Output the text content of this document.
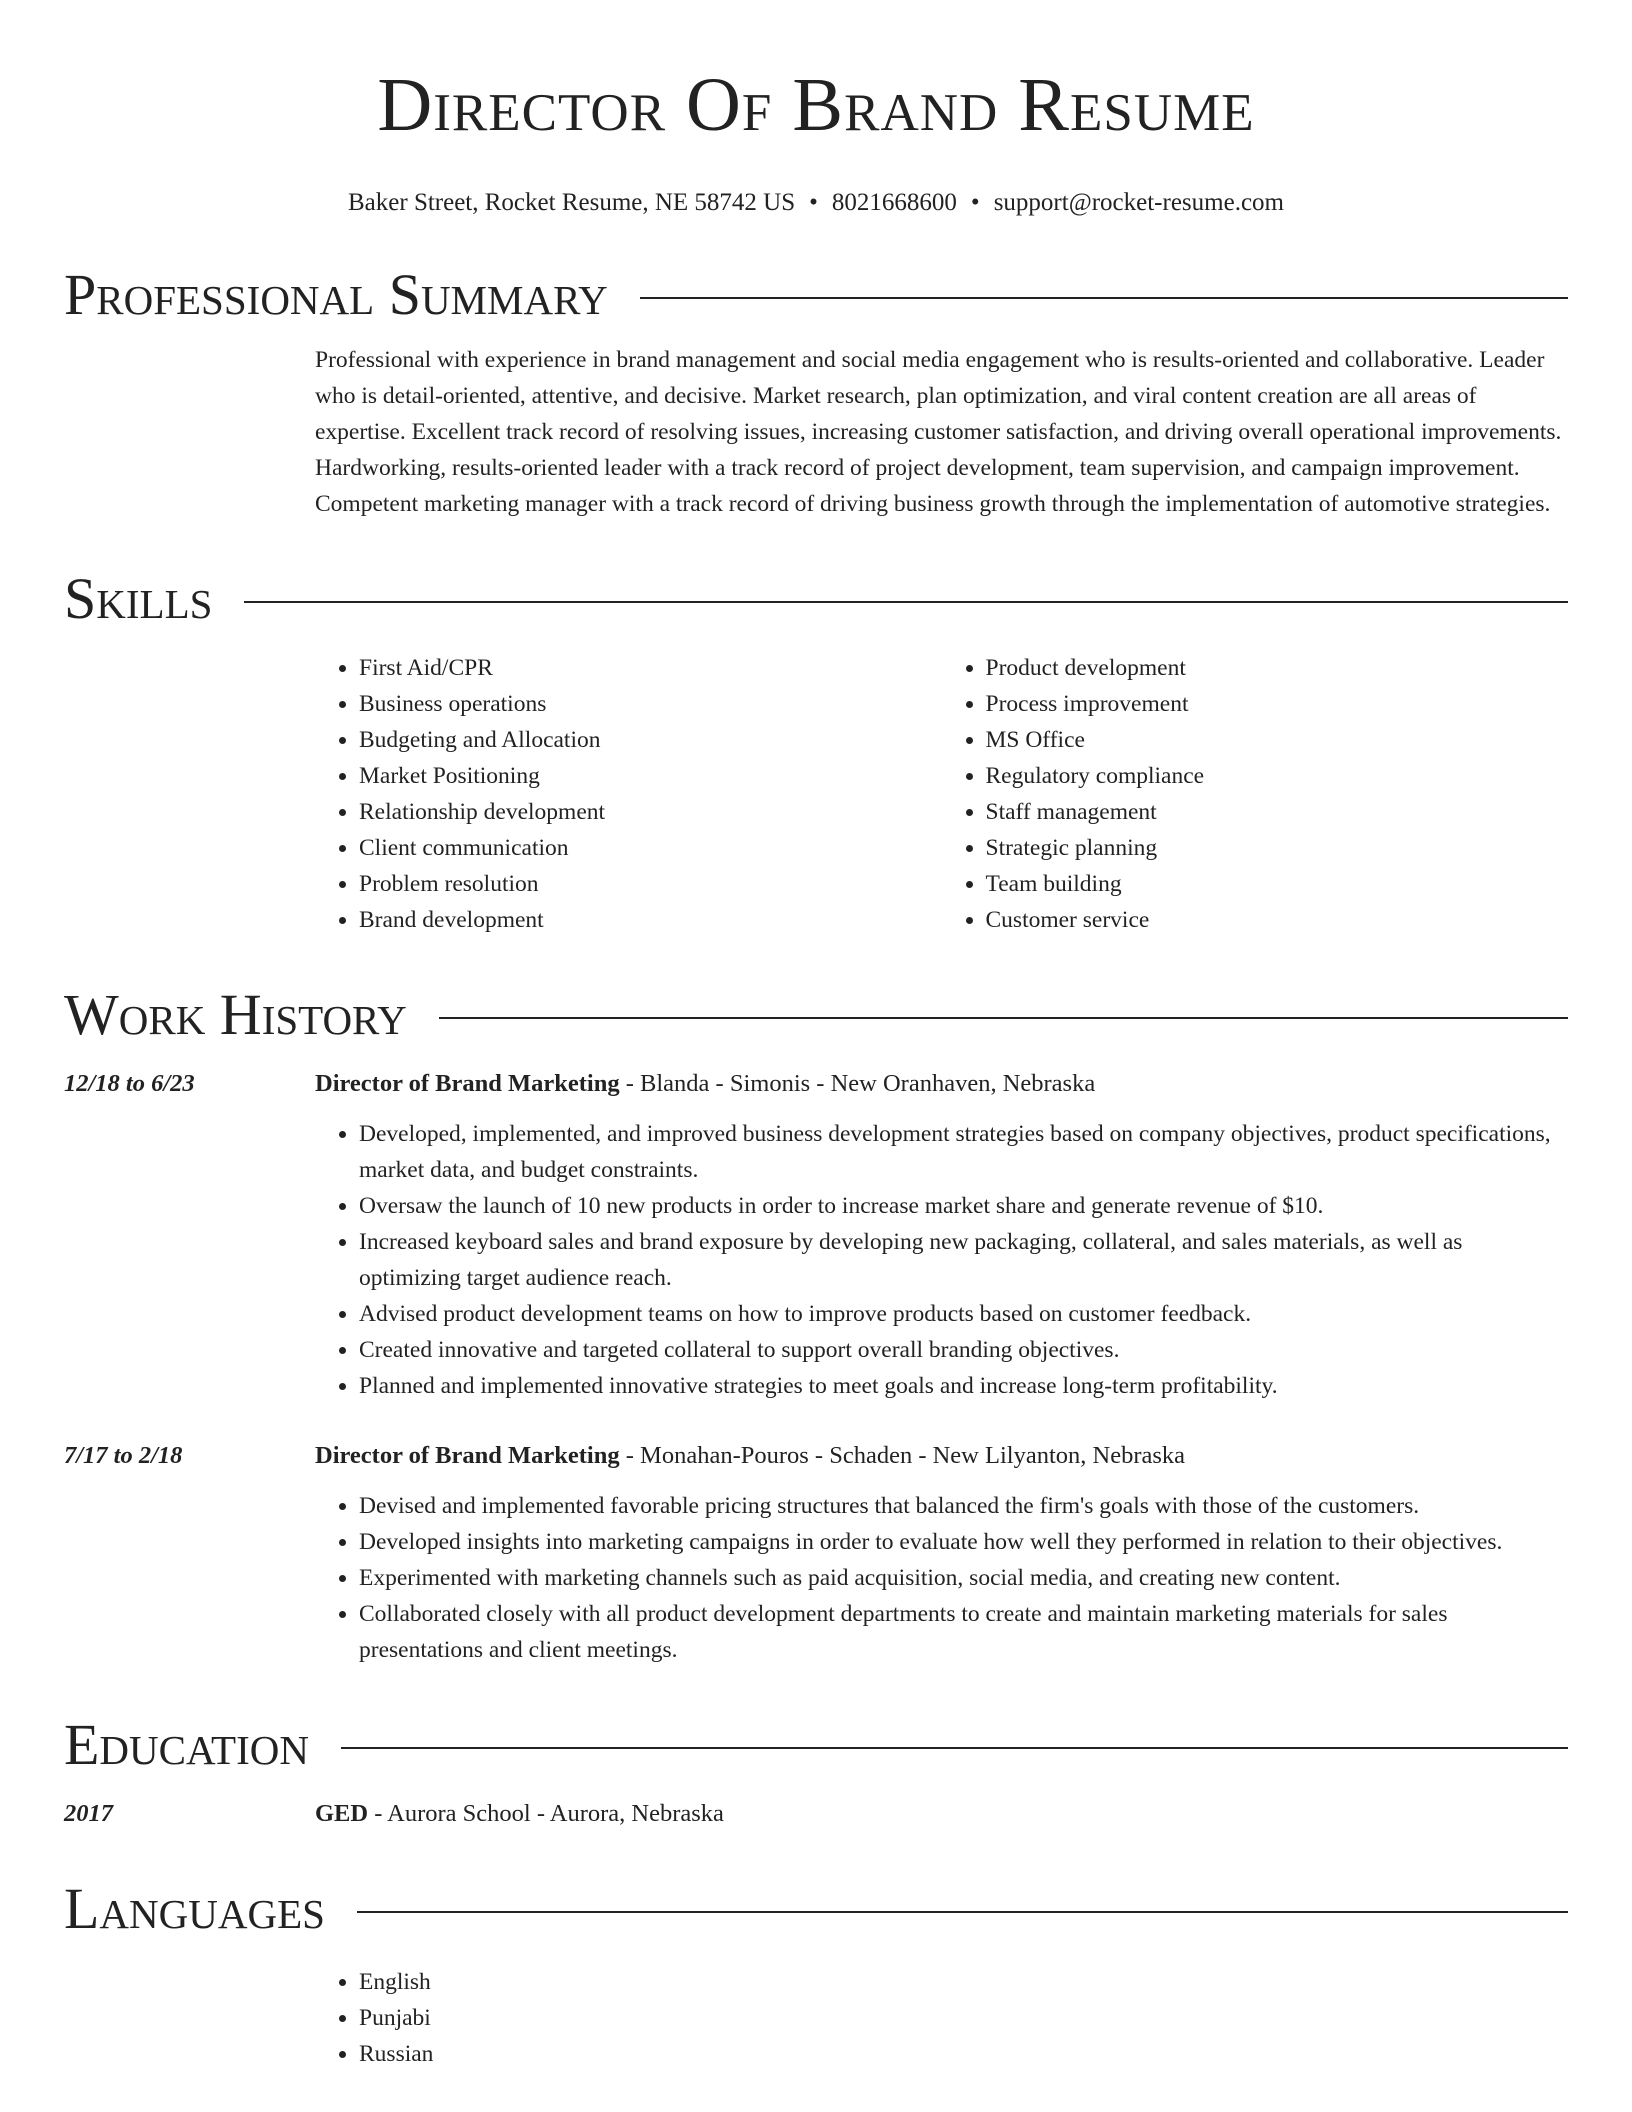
Director Of Brand Resume
Baker Street, Rocket Resume, NE 58742 US • 8021668600 • support@rocket-resume.com
Professional Summary
Professional with experience in brand management and social media engagement who is results-oriented and collaborative. Leader who is detail-oriented, attentive, and decisive. Market research, plan optimization, and viral content creation are all areas of expertise. Excellent track record of resolving issues, increasing customer satisfaction, and driving overall operational improvements. Hardworking, results-oriented leader with a track record of project development, team supervision, and campaign improvement. Competent marketing manager with a track record of driving business growth through the implementation of automotive strategies.
Skills
• First Aid/CPR
• Business operations
• Budgeting and Allocation
• Market Positioning
• Relationship development
• Client communication
• Problem resolution
• Brand development
• Product development
• Process improvement
• MS Office
• Regulatory compliance
• Staff management
• Strategic planning
• Team building
• Customer service
Work History
12/18 to 6/23	Director of Brand Marketing - Blanda - Simonis - New Oranhaven, Nebraska
• Developed, implemented, and improved business development strategies based on company objectives, product specifications, market data, and budget constraints.
• Oversaw the launch of 10 new products in order to increase market share and generate revenue of $10.
• Increased keyboard sales and brand exposure by developing new packaging, collateral, and sales materials, as well as optimizing target audience reach.
• Advised product development teams on how to improve products based on customer feedback.
• Created innovative and targeted collateral to support overall branding objectives.
• Planned and implemented innovative strategies to meet goals and increase long-term profitability.
7/17 to 2/18	Director of Brand Marketing - Monahan-Pouros - Schaden - New Lilyanton, Nebraska
• Devised and implemented favorable pricing structures that balanced the firm's goals with those of the customers.
• Developed insights into marketing campaigns in order to evaluate how well they performed in relation to their objectives.
• Experimented with marketing channels such as paid acquisition, social media, and creating new content.
• Collaborated closely with all product development departments to create and maintain marketing materials for sales presentations and client meetings.
Education
2017	GED - Aurora School - Aurora, Nebraska
Languages
• English
• Punjabi
• Russian
